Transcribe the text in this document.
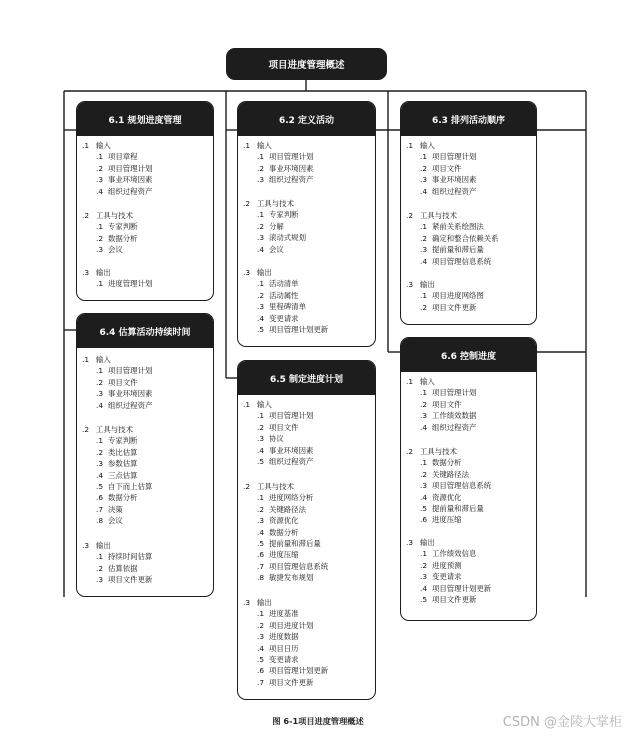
项目进度管理概述
6.1 规划进度管理
.1 输入
.1 项目章程
.2 项目管理计划
.3 事业环境因素
.4 组织过程资产
.2 工具与技术
.1 专家判断
.2 数据分析
.3 会议
.3 输出
.1 进度管理计划
6.2 定义活动
.1 输入
.1 项目管理计划
.2 事业环境因素
.3 组织过程资产
.2 工具与技术
.1 专家判断
.2 分解
.3 滚动式规划
.4 会议
.3 输出
.1 活动清单
.2 活动属性
.3 里程碑清单
.4 变更请求
.5 项目管理计划更新
6.3 排列活动顺序
.1 输入
.1 项目管理计划
.2 项目文件
.3 事业环境因素
.4 组织过程资产
.2 工具与技术
.1 紧前关系绘图法
.2 确定和整合依赖关系
.3 提前量和滞后量
.4 项目管理信息系统
.3 输出
.1 项目进度网络图
.2 项目文件更新
6.4 估算活动持续时间
.1 输入
.1 项目管理计划
.2 项目文件
.3 事业环境因素
.4 组织过程资产
.2 工具与技术
.1 专家判断
.2 类比估算
.3 参数估算
.4 三点估算
.5 自下而上估算
.6 数据分析
.7 决策
.8 会议
.3 输出
.1 持续时间估算
.2 估算依据
.3 项目文件更新
6.5 制定进度计划
.1 输入
.1 项目管理计划
.2 项目文件
.3 协议
.4 事业环境因素
.5 组织过程资产
.2 工具与技术
.1 进度网络分析
.2 关键路径法
.3 资源优化
.4 数据分析
.5 提前量和滞后量
.6 进度压缩
.7 项目管理信息系统
.8 敏捷发布规划
.3 输出
.1 进度基准
.2 项目进度计划
.3 进度数据
.4 项目日历
.5 变更请求
.6 项目管理计划更新
.7 项目文件更新
6.6 控制进度
.1 输入
.1 项目管理计划
.2 项目文件
.3 工作绩效数据
.4 组织过程资产
.2 工具与技术
.1 数据分析
.2 关键路径法
.3 项目管理信息系统
.4 资源优化
.5 提前量和滞后量
.6 进度压缩
.3 输出
.1 工作绩效信息
.2 进度预测
.3 变更请求
.4 项目管理计划更新
.5 项目文件更新
图 6-1项目进度管理概述	CSDN @金陵大掌柜
